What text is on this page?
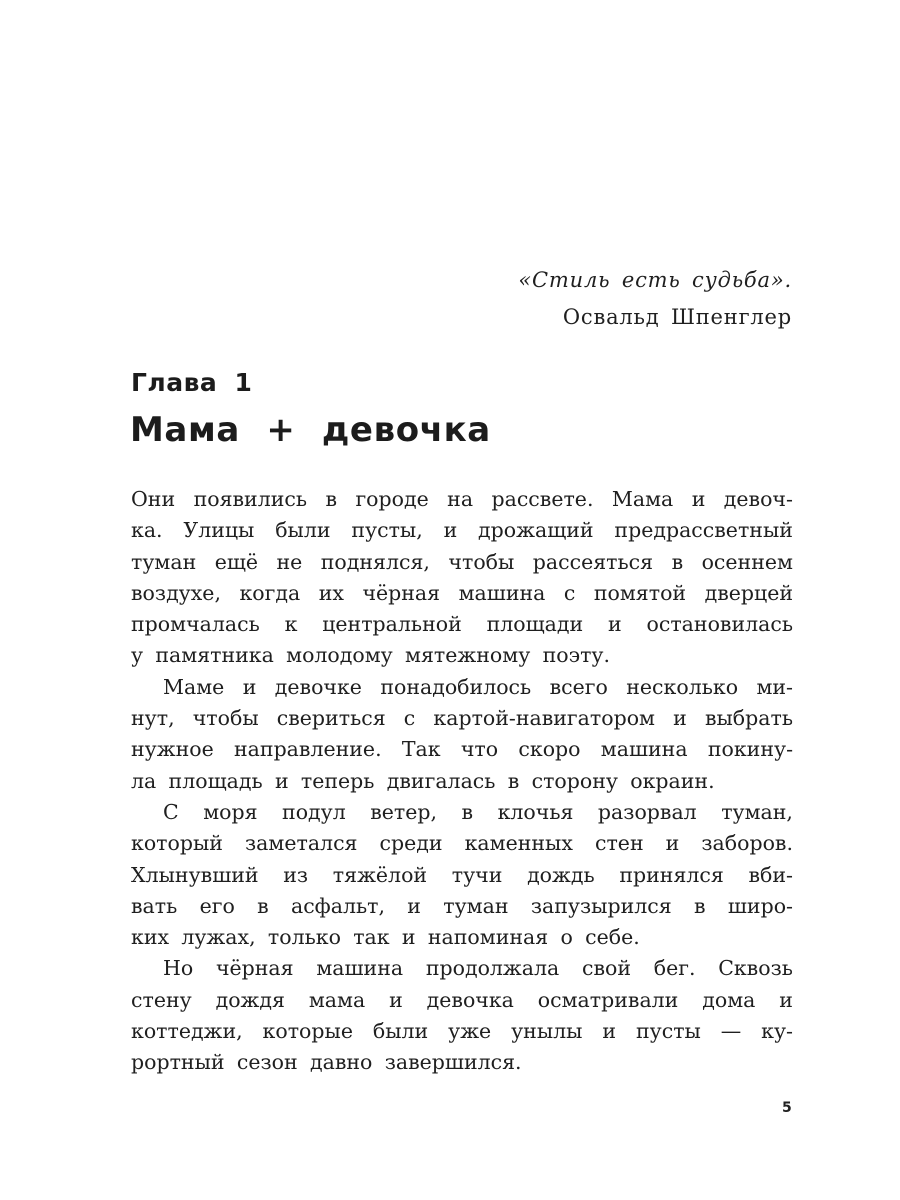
«Стиль есть судьба».
Освальд Шпенглер
Глава 1
Мама + девочка
Они появились в городе на рассвете. Мама и девоч-
ка. Улицы были пусты, и дрожащий предрассветный
туман ещё не поднялся, чтобы рассеяться в осеннем
воздухе, когда их чёрная машина с помятой дверцей
промчалась к центральной площади и остановилась
у памятника молодому мятежному поэту.
Маме и девочке понадобилось всего несколько ми-
нут, чтобы свериться с картой-навигатором и выбрать
нужное направление. Так что скоро машина покину-
ла площадь и теперь двигалась в сторону окраин.
С моря подул ветер, в клочья разорвал туман,
который заметался среди каменных стен и заборов.
Хлынувший из тяжёлой тучи дождь принялся вби-
вать его в асфальт, и туман запузырился в широ-
ких лужах, только так и напоминая о себе.
Но чёрная машина продолжала свой бег. Сквозь
стену дождя мама и девочка осматривали дома и
коттеджи, которые были уже унылы и пусты — ку-
рортный сезон давно завершился.
5
